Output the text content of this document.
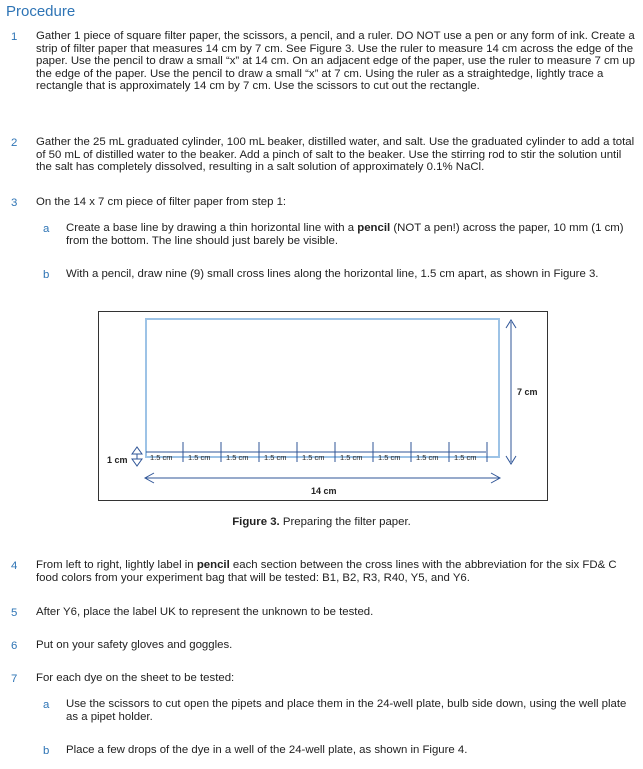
Procedure
1 Gather 1 piece of square filter paper, the scissors, a pencil, and a ruler. DO NOT use a pen or any form of ink. Create a strip of filter paper that measures 14 cm by 7 cm. See Figure 3. Use the ruler to measure 14 cm across the edge of the paper. Use the pencil to draw a small “x” at 14 cm. On an adjacent edge of the paper, use the ruler to measure 7 cm up the edge of the paper. Use the pencil to draw a small “x” at 7 cm. Using the ruler as a straightedge, lightly trace a rectangle that is approximately 14 cm by 7 cm. Use the scissors to cut out the rectangle.
2 Gather the 25 mL graduated cylinder, 100 mL beaker, distilled water, and salt. Use the graduated cylinder to add a total of 50 mL of distilled water to the beaker. Add a pinch of salt to the beaker. Use the stirring rod to stir the solution until the salt has completely dissolved, resulting in a salt solution of approximately 0.1% NaCl.
3 On the 14 x 7 cm piece of filter paper from step 1:
a Create a base line by drawing a thin horizontal line with a pencil (NOT a pen!) across the paper, 10 mm (1 cm) from the bottom. The line should just barely be visible.
b With a pencil, draw nine (9) small cross lines along the horizontal line, 1.5 cm apart, as shown in Figure 3.
1.5 cm 1.5 cm 1.5 cm 1.5 cm 1.5 cm 1.5 cm 1.5 cm 1.5 cm 1.5 cm
7 cm
14 cm
1 cm
Figure 3. Preparing the filter paper.
4 From left to right, lightly label in pencil each section between the cross lines with the abbreviation for the six FD& C food colors from your experiment bag that will be tested: B1, B2, R3, R40, Y5, and Y6.
5 After Y6, place the label UK to represent the unknown to be tested.
6 Put on your safety gloves and goggles.
7 For each dye on the sheet to be tested:
a Use the scissors to cut open the pipets and place them in the 24-well plate, bulb side down, using the well plate as a pipet holder.
b Place a few drops of the dye in a well of the 24-well plate, as shown in Figure 4.
